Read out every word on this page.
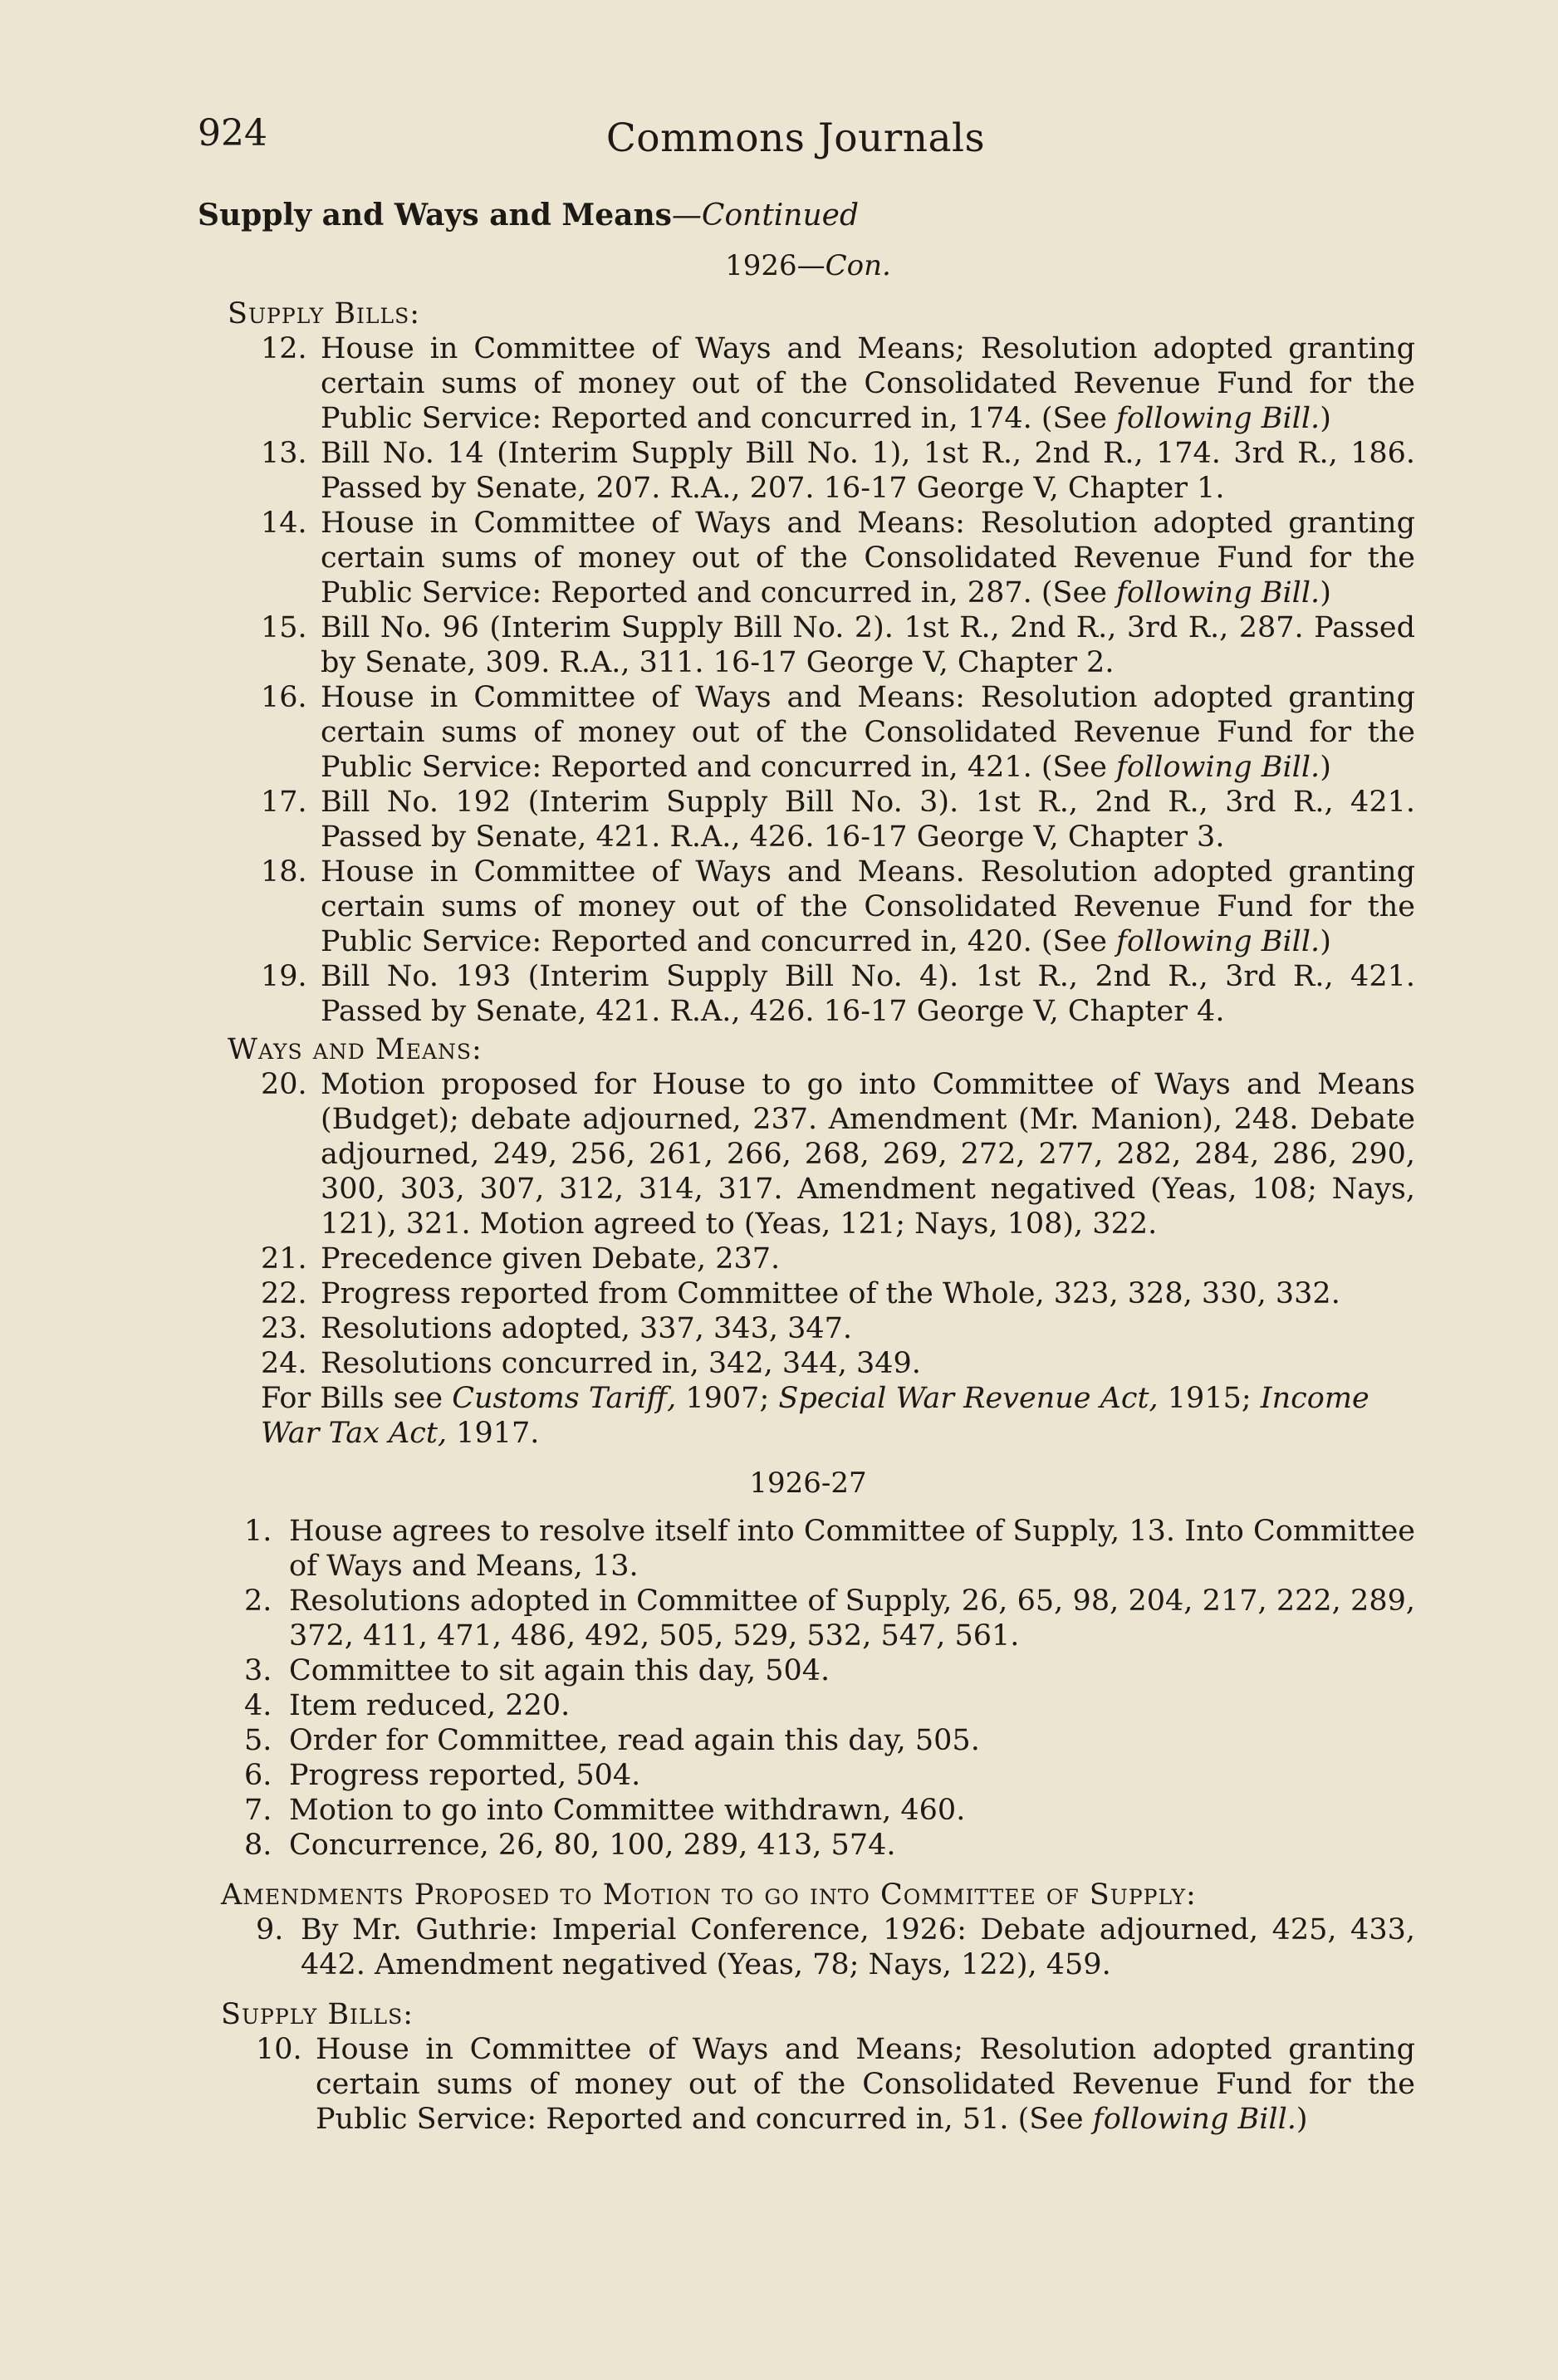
924	Commons Journals
Supply and Ways and Means—Continued
1926—Con.
Supply Bills:
12. House in Committee of Ways and Means; Resolution adopted granting certain sums of money out of the Consolidated Revenue Fund for the Public Service: Reported and concurred in, 174. (See following Bill.)
13. Bill No. 14 (Interim Supply Bill No. 1), 1st R., 2nd R., 174. 3rd R., 186. Passed by Senate, 207. R.A., 207. 16-17 George V, Chapter 1.
14. House in Committee of Ways and Means: Resolution adopted granting certain sums of money out of the Consolidated Revenue Fund for the Public Service: Reported and concurred in, 287. (See following Bill.)
15. Bill No. 96 (Interim Supply Bill No. 2). 1st R., 2nd R., 3rd R., 287. Passed by Senate, 309. R.A., 311. 16-17 George V, Chapter 2.
16. House in Committee of Ways and Means: Resolution adopted granting certain sums of money out of the Consolidated Revenue Fund for the Public Service: Reported and concurred in, 421. (See following Bill.)
17. Bill No. 192 (Interim Supply Bill No. 3). 1st R., 2nd R., 3rd R., 421. Passed by Senate, 421. R.A., 426. 16-17 George V, Chapter 3.
18. House in Committee of Ways and Means. Resolution adopted granting certain sums of money out of the Consolidated Revenue Fund for the Public Service: Reported and concurred in, 420. (See following Bill.)
19. Bill No. 193 (Interim Supply Bill No. 4). 1st R., 2nd R., 3rd R., 421. Passed by Senate, 421. R.A., 426. 16-17 George V, Chapter 4.
Ways and Means:
20. Motion proposed for House to go into Committee of Ways and Means (Budget); debate adjourned, 237. Amendment (Mr. Manion), 248. Debate adjourned, 249, 256, 261, 266, 268, 269, 272, 277, 282, 284, 286, 290, 300, 303, 307, 312, 314, 317. Amendment negatived (Yeas, 108; Nays, 121), 321. Motion agreed to (Yeas, 121; Nays, 108), 322.
21. Precedence given Debate, 237.
22. Progress reported from Committee of the Whole, 323, 328, 330, 332.
23. Resolutions adopted, 337, 343, 347.
24. Resolutions concurred in, 342, 344, 349.
For Bills see Customs Tariff, 1907; Special War Revenue Act, 1915; Income War Tax Act, 1917.
1926-27
1. House agrees to resolve itself into Committee of Supply, 13. Into Committee of Ways and Means, 13.
2. Resolutions adopted in Committee of Supply, 26, 65, 98, 204, 217, 222, 289, 372, 411, 471, 486, 492, 505, 529, 532, 547, 561.
3. Committee to sit again this day, 504.
4. Item reduced, 220.
5. Order for Committee, read again this day, 505.
6. Progress reported, 504.
7. Motion to go into Committee withdrawn, 460.
8. Concurrence, 26, 80, 100, 289, 413, 574.
Amendments Proposed to Motion to go into Committee of Supply:
9. By Mr. Guthrie: Imperial Conference, 1926: Debate adjourned, 425, 433, 442. Amendment negatived (Yeas, 78; Nays, 122), 459.
Supply Bills:
10. House in Committee of Ways and Means; Resolution adopted granting certain sums of money out of the Consolidated Revenue Fund for the Public Service: Reported and concurred in, 51. (See following Bill.)
